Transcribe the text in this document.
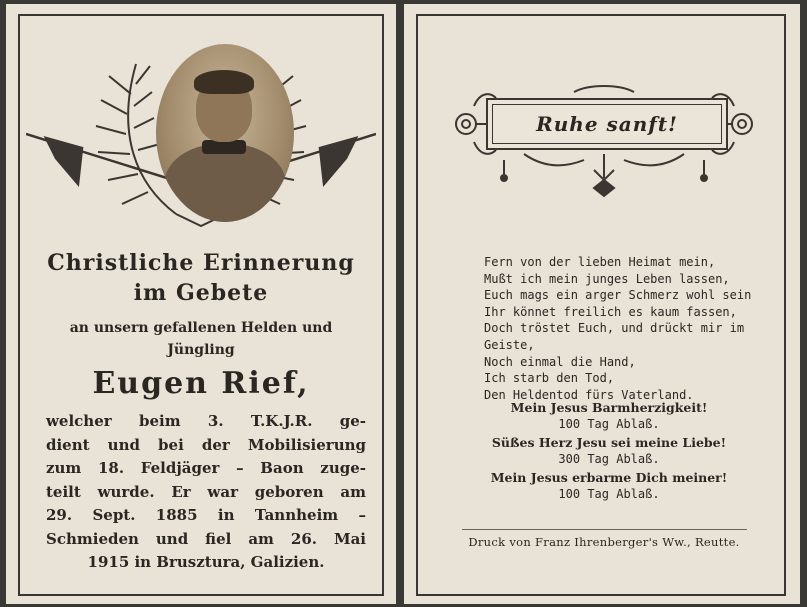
Christliche Erinnerung
im Gebete
an unsern gefallenen Helden und
Jüngling
Eugen Rief,
welcher beim 3. T.K.J.R. ge-
dient und bei der Mobilisierung
zum 18. Feldjäger – Baon zuge-
teilt wurde. Er war geboren am
29. Sept. 1885 in Tannheim –
Schmieden und fiel am 26. Mai
1915 in Brusztura, Galizien.
Ruhe sanft!
Fern von der lieben Heimat mein,
Mußt ich mein junges Leben lassen,
Euch mags ein arger Schmerz wohl sein
Ihr könnet freilich es kaum fassen,
Doch tröstet Euch, und drückt mir im Geiste,
Noch einmal die Hand,
Ich starb den Tod,
Den Heldentod fürs Vaterland.
Mein Jesus Barmherzigkeit!
100 Tag Ablaß.
Süßes Herz Jesu sei meine Liebe!
300 Tag Ablaß.
Mein Jesus erbarme Dich meiner!
100 Tag Ablaß.
Druck von Franz Ihrenberger's Ww., Reutte.
